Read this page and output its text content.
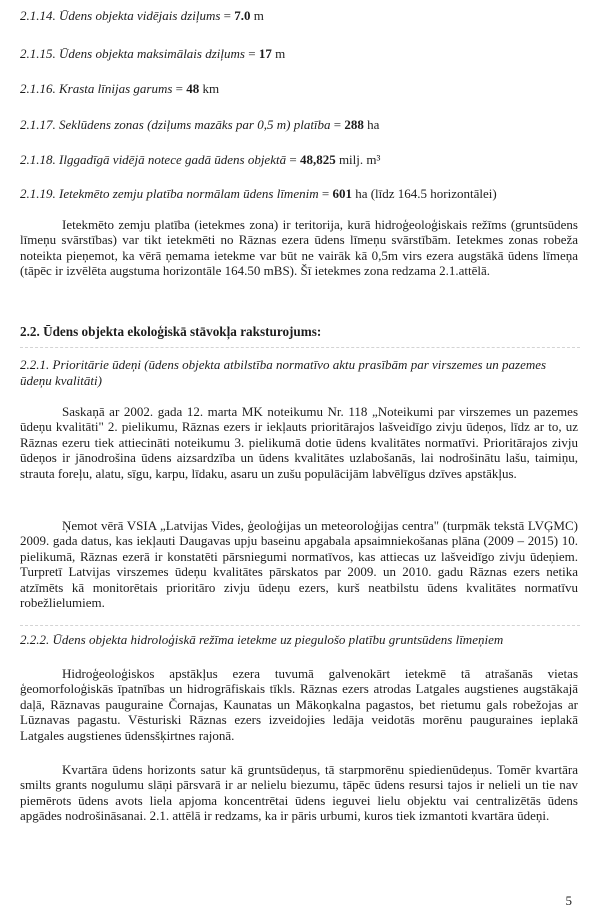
2.1.14. Ūdens objekta vidējais dziļums = 7.0 m
2.1.15. Ūdens objekta maksimālais dziļums = 17 m
2.1.16. Krasta līnijas garums = 48 km
2.1.17. Seklūdens zonas (dziļums mazāks par 0,5 m) platība = 288 ha
2.1.18. Ilggadīgā vidējā notece gadā ūdens objektā = 48,825 milj. m³
2.1.19. Ietekmēto zemju platība normālam ūdens līmenim = 601 ha (līdz 164.5 horizontālei)
Ietekmēto zemju platība (ietekmes zona) ir teritorija, kurā hidroģeoloģiskais režīms (gruntsūdens līmeņu svārstības) var tikt ietekmēti no Rāznas ezera ūdens līmeņu svārstībām. Ietekmes zonas robeža noteikta pieņemot, ka vērā ņemama ietekme var būt ne vairāk kā 0,5m virs ezera augstākā ūdens līmeņa (tāpēc ir izvēlēta augstuma horizontāle 164.50 mBS). Šī ietekmes zona redzama 2.1.attēlā.
2.2. Ūdens objekta ekoloģiskā stāvokļa raksturojums:
2.2.1. Prioritārie ūdeņi (ūdens objekta atbilstība normatīvo aktu prasībām par virszemes un pazemes ūdeņu kvalitāti)
Saskaņā ar 2002. gada 12. marta MK noteikumu Nr. 118 „Noteikumi par virszemes un pazemes ūdeņu kvalitāti" 2. pielikumu, Rāznas ezers ir iekļauts prioritārajos lašveidīgo zivju ūdeņos, līdz ar to, uz Rāznas ezeru tiek attiecināti noteikumu 3. pielikumā dotie ūdens kvalitātes normatīvi. Prioritārajos zivju ūdeņos ir jānodrošina ūdens aizsardzība un ūdens kvalitātes uzlabošanās, lai nodrošinātu lašu, taimiņu, strauta foreļu, alatu, sīgu, karpu, līdaku, asaru un zušu populācijām labvēlīgus dzīves apstākļus.
Ņemot vērā VSIA „Latvijas Vides, ģeoloģijas un meteoroloģijas centra" (turpmāk tekstā LVĢMC) 2009. gada datus, kas iekļauti Daugavas upju baseinu apgabala apsaimniekošanas plāna (2009 – 2015) 10. pielikumā, Rāznas ezerā ir konstatēti pārsniegumi normatīvos, kas attiecas uz lašveidīgo zivju ūdeņiem. Turpretī Latvijas virszemes ūdeņu kvalitātes pārskatos par 2009. un 2010. gadu Rāznas ezers netika atzīmēts kā monitorētais prioritāro zivju ūdeņu ezers, kurš neatbilstu ūdens kvalitātes normatīvu robežlielumiem.
2.2.2. Ūdens objekta hidroloģiskā režīma ietekme uz piegulošo platību gruntsūdens līmeņiem
Hidroģeoloģiskos apstākļus ezera tuvumā galvenokārt ietekmē tā atrašanās vietas ģeomorfoloģiskās īpatnības un hidrogrāfiskais tīkls. Rāznas ezers atrodas Latgales augstienes augstākajā daļā, Rāznavas pauguraine Čornajas, Kaunatas un Mākoņkalna pagastos, bet rietumu gals robežojas ar Lūznavas pagastu. Vēsturiski Rāznas ezers izveidojies ledāja veidotās morēnu pauguraines ieplakā Latgales augstienes ūdensšķirtnes rajonā.
Kvartāra ūdens horizonts satur kā gruntsūdeņus, tā starpmorēnu spiedienūdeņus. Tomēr kvartāra smilts grants nogulumu slāņi pārsvarā ir ar nelielu biezumu, tāpēc ūdens resursi tajos ir nelieli un tie nav piemērots ūdens avots liela apjoma koncentrētai ūdens ieguvei lielu objektu vai centralizētās ūdens apgādes nodrošināsanai. 2.1. attēlā ir redzams, ka ir pāris urbumi, kuros tiek izmantoti kvartāra ūdeņi.
5
